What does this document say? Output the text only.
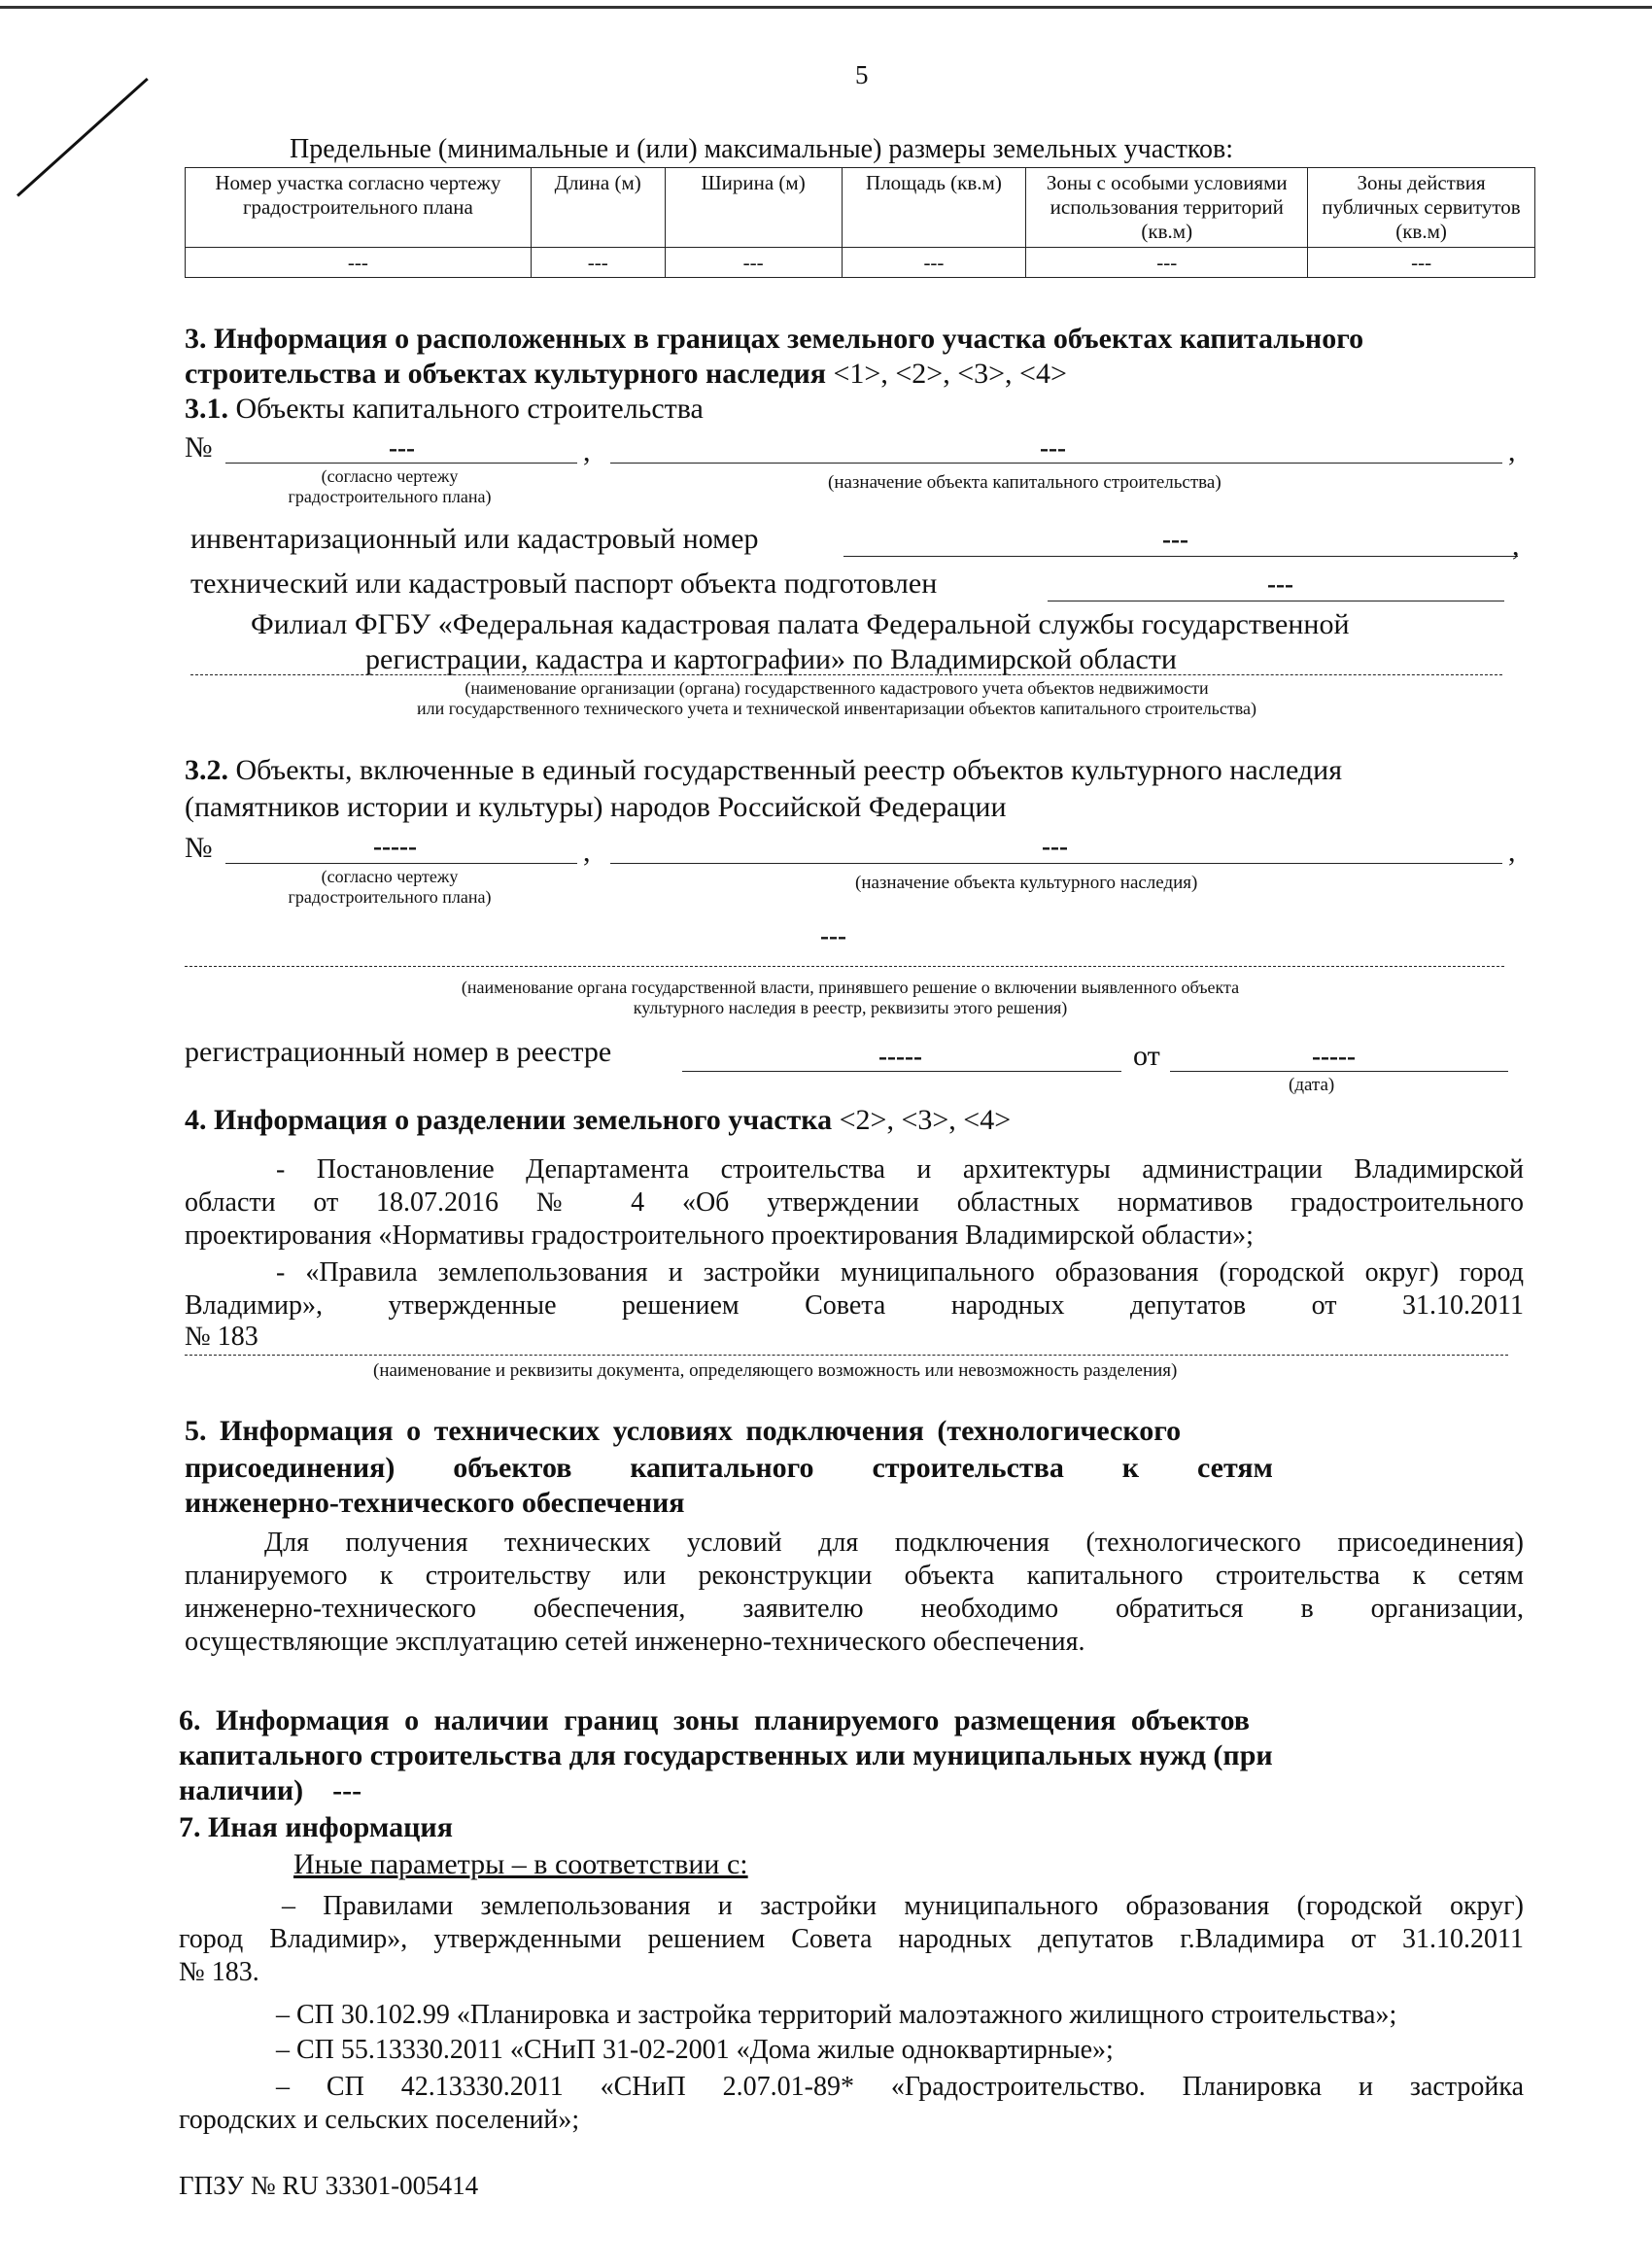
5
Предельные (минимальные и (или) максимальные) размеры земельных участков:
Номер участка согласно чертежу градостроительного плана	Длина (м)	Ширина (м)	Площадь (кв.м)	Зоны с особыми условиями использования территорий (кв.м)	Зоны действия публичных сервитутов (кв.м)
---	---	---	---	---	---
3. Информация о расположенных в границах земельного участка объектах капитального
строительства и объектах культурного наследия <1>, <2>, <3>, <4>
3.1. Объекты капитального строительства
№	---	,	---	,
(согласно чертежу
градостроительного плана)
(назначение объекта капитального строительства)
инвентаризационный или кадастровый номер	---	,
технический или кадастровый паспорт объекта подготовлен	---
Филиал ФГБУ «Федеральная кадастровая палата Федеральной службы государственной
регистрации, кадастра и картографии» по Владимирской области
(наименование организации (органа) государственного кадастрового учета объектов недвижимости
или государственного технического учета и технической инвентаризации объектов капитального строительства)
3.2. Объекты, включенные в единый государственный реестр объектов культурного наследия
(памятников истории и культуры) народов Российской Федерации
№	-----	,	---	,
(согласно чертежу
градостроительного плана)
(назначение объекта культурного наследия)
---
(наименование органа государственной власти, принявшего решение о включении выявленного объекта
культурного наследия в реестр, реквизиты этого решения)
регистрационный номер в реестре	-----	от	-----
(дата)
4. Информация о разделении земельного участка <2>, <3>, <4>
- Постановление Департамента строительства и архитектуры администрации Владимирской
области от 18.07.2016 № 4 «Об утверждении областных нормативов градостроительного
проектирования «Нормативы градостроительного проектирования Владимирской области»;
- «Правила землепользования и застройки муниципального образования (городской округ) город
Владимир», утвержденные решением Совета народных депутатов от 31.10.2011
№ 183
(наименование и реквизиты документа, определяющего возможность или невозможность разделения)
5. Информация о технических условиях подключения (технологического
присоединения) объектов капитального строительства к сетям
инженерно-технического обеспечения
Для получения технических условий для подключения (технологического присоединения)
планируемого к строительству или реконструкции объекта капитального строительства к сетям
инженерно-технического обеспечения, заявителю необходимо обратиться в организации,
осуществляющие эксплуатацию сетей инженерно-технического обеспечения.
6. Информация о наличии границ зоны планируемого размещения объектов
капитального строительства для государственных или муниципальных нужд (при
наличии) ---
7. Иная информация
Иные параметры – в соответствии с:
– Правилами землепользования и застройки муниципального образования (городской округ)
город Владимир», утвержденными решением Совета народных депутатов г.Владимира от 31.10.2011
№ 183.
– СП 30.102.99 «Планировка и застройка территорий малоэтажного жилищного строительства»;
– СП 55.13330.2011 «СНиП 31-02-2001 «Дома жилые одноквартирные»;
– СП 42.13330.2011 «СНиП 2.07.01-89* «Градостроительство. Планировка и застройка
городских и сельских поселений»;
ГПЗУ № RU 33301-005414
